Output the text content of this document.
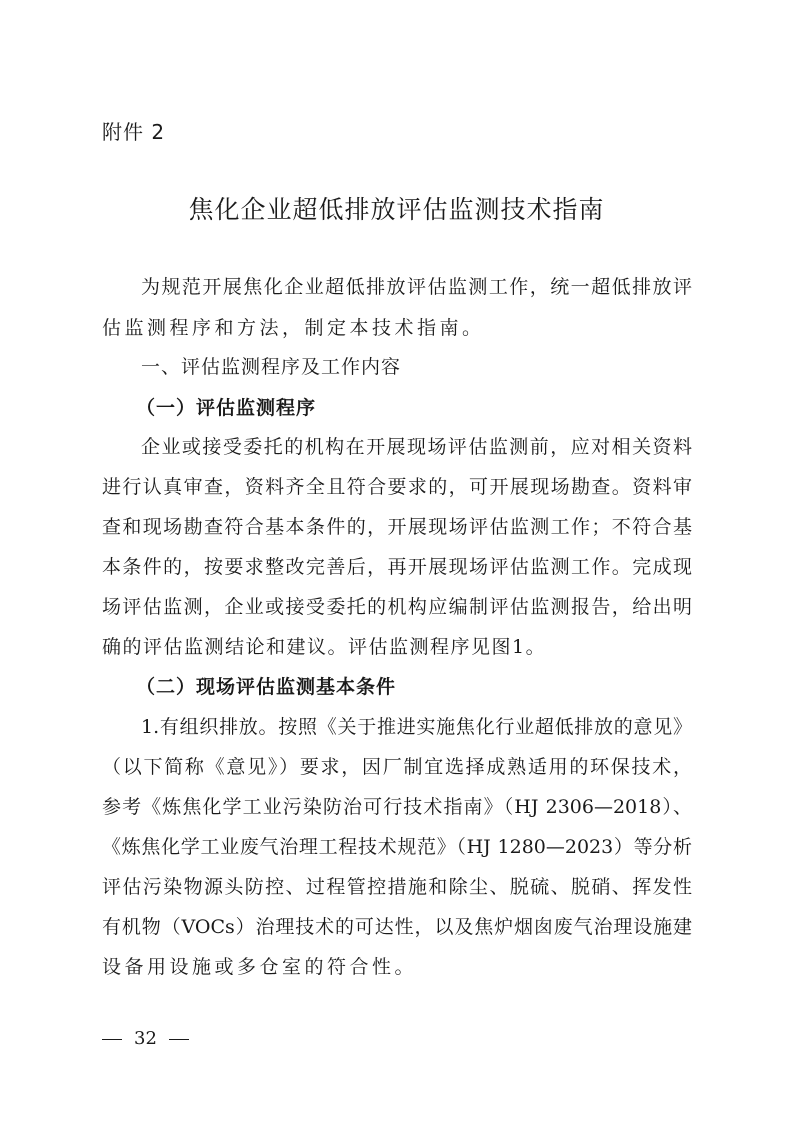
附件 2
焦化企业超低排放评估监测技术指南
为规范开展焦化企业超低排放评估监测工作，统一超低排放评
估监测程序和方法，制定本技术指南。
一、评估监测程序及工作内容
（一）评估监测程序
企业或接受委托的机构在开展现场评估监测前，应对相关资料
进行认真审查，资料齐全且符合要求的，可开展现场勘查。资料审
查和现场勘查符合基本条件的，开展现场评估监测工作；不符合基
本条件的，按要求整改完善后，再开展现场评估监测工作。完成现
场评估监测，企业或接受委托的机构应编制评估监测报告，给出明
确的评估监测结论和建议。评估监测程序见图1。
（二）现场评估监测基本条件
1.有组织排放。按照《关于推进实施焦化行业超低排放的意见》
（以下简称《意见》）要求，因厂制宜选择成熟适用的环保技术，
参考《炼焦化学工业污染防治可行技术指南》（HJ 2306—2018）、
《炼焦化学工业废气治理工程技术规范》（HJ 1280—2023）等分析
评估污染物源头防控、过程管控措施和除尘、脱硫、脱硝、挥发性
有机物（VOCs）治理技术的可达性，以及焦炉烟囱废气治理设施建
设备用设施或多仓室的符合性。
32
